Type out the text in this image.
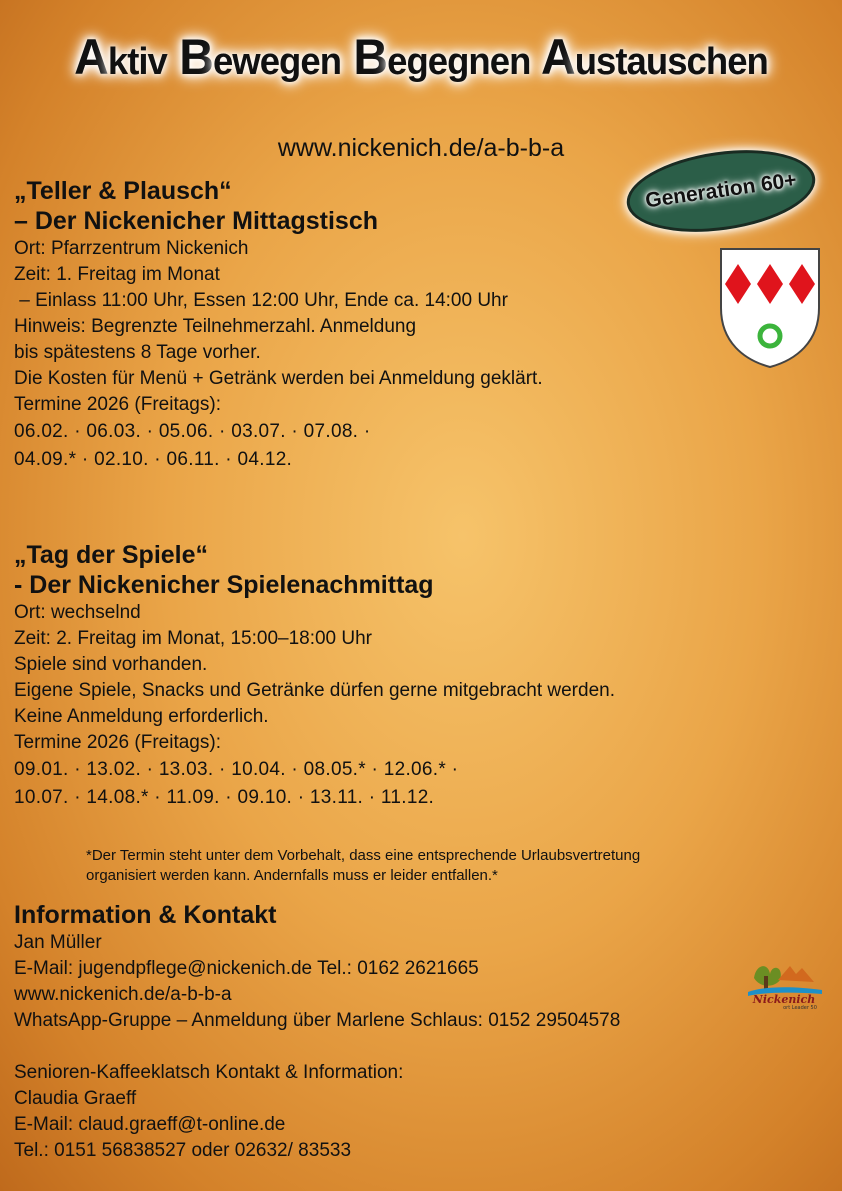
Aktiv Bewegen Begegnen Austauschen
www.nickenich.de/a-b-b-a
Generation 60+
„Teller & Plausch“
– Der Nickenicher Mittagstisch
Ort: Pfarrzentrum Nickenich
Zeit: 1. Freitag im Monat
– Einlass 11:00 Uhr, Essen 12:00 Uhr, Ende ca. 14:00 Uhr
Hinweis: Begrenzte Teilnehmerzahl. Anmeldung
bis spätestens 8 Tage vorher.
Die Kosten für Menü + Getränk werden bei Anmeldung geklärt.
Termine 2026 (Freitags):
06.02. · 06.03. · 05.06. · 03.07. · 07.08. ·
04.09.* · 02.10. · 06.11. · 04.12.
„Tag der Spiele“
- Der Nickenicher Spielenachmittag
Ort: wechselnd
Zeit: 2. Freitag im Monat, 15:00–18:00 Uhr
Spiele sind vorhanden.
Eigene Spiele, Snacks und Getränke dürfen gerne mitgebracht werden.
Keine Anmeldung erforderlich.
Termine 2026 (Freitags):
09.01. · 13.02. · 13.03. · 10.04. · 08.05.* · 12.06.* ·
10.07. · 14.08.* · 11.09. · 09.10. · 13.11. · 11.12.
*Der Termin steht unter dem Vorbehalt, dass eine entsprechende Urlaubsvertretung
organisiert werden kann. Andernfalls muss er leider entfallen.*
Information & Kontakt
Jan Müller
E-Mail: jugendpflege@nickenich.de Tel.: 0162 2621665
www.nickenich.de/a-b-b-a
WhatsApp-Gruppe – Anmeldung über Marlene Schlaus: 0152 29504578
Senioren-Kaffeeklatsch Kontakt & Information:
Claudia Graeff
E-Mail: claud.graeff@t-online.de
Tel.: 0151 56838527 oder 02632/ 83533
Nickenich
ort Leader 50
